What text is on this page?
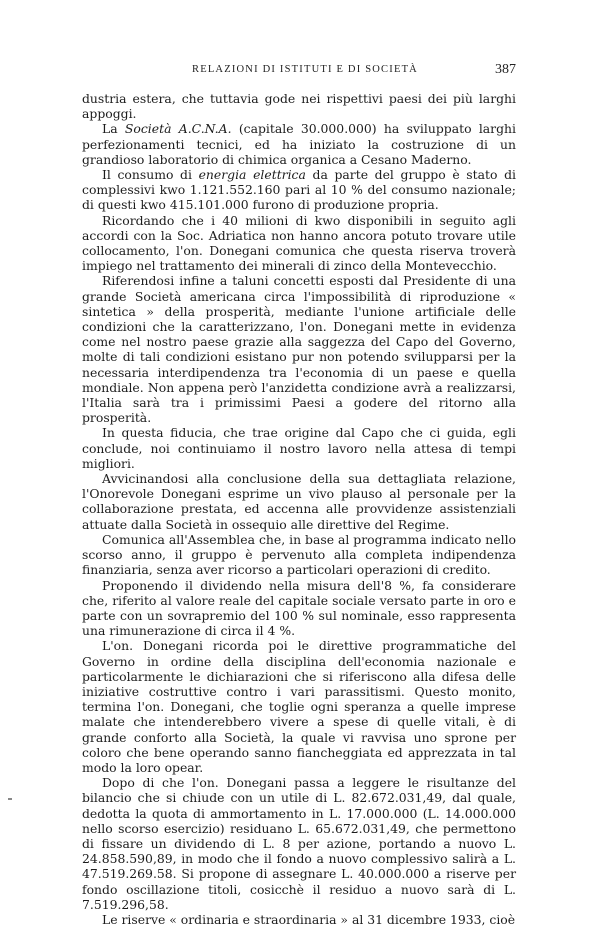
RELAZIONI DI ISTITUTI E DI SOCIETÀ	387

dustria estera, che tuttavia gode nei rispettivi paesi dei più larghi appoggi.

La Società A.C.N.A. (capitale 30.000.000) ha sviluppato larghi perfezionamenti tecnici, ed ha iniziato la costruzione di un grandioso laboratorio di chimica organica a Cesano Maderno.

Il consumo di energia elettrica da parte del gruppo è stato di complessivi kwo 1.121.552.160 pari al 10 % del consumo nazionale; di questi kwo 415.101.000 furono di produzione propria.

Ricordando che i 40 milioni di kwo disponibili in seguito agli accordi con la Soc. Adriatica non hanno ancora potuto trovare utile collocamento, l'on. Donegani comunica che questa riserva troverà impiego nel trattamento dei minerali di zinco della Montevecchio.

Riferendosi infine a taluni concetti esposti dal Presidente di una grande Società americana circa l'impossibilità di riproduzione « sintetica » della prosperità, mediante l'unione artificiale delle condizioni che la caratterizzano, l'on. Donegani mette in evidenza come nel nostro paese grazie alla saggezza del Capo del Governo, molte di tali condizioni esistano pur non potendo svilupparsi per la necessaria interdipendenza tra l'economia di un paese e quella mondiale. Non appena però l'anzidetta condizione avrà a realizzarsi, l'Italia sarà tra i primissimi Paesi a godere del ritorno alla prosperità.

In questa fiducia, che trae origine dal Capo che ci guida, egli conclude, noi continuiamo il nostro lavoro nella attesa di tempi migliori.

Avvicinandosi alla conclusione della sua dettagliata relazione, l'Onorevole Donegani esprime un vivo plauso al personale per la collaborazione prestata, ed accenna alle provvidenze assistenziali attuate dalla Società in ossequio alle direttive del Regime.

Comunica all'Assemblea che, in base al programma indicato nello scorso anno, il gruppo è pervenuto alla completa indipendenza finanziaria, senza aver ricorso a particolari operazioni di credito.

Proponendo il dividendo nella misura dell'8 %, fa considerare che, riferito al valore reale del capitale sociale versato parte in oro e parte con un sovrapremio del 100 % sul nominale, esso rappresenta una rimunerazione di circa il 4 %.

L'on. Donegani ricorda poi le direttive programmatiche del Governo in ordine della disciplina dell'economia nazionale e particolarmente le dichiarazioni che si riferiscono alla difesa delle iniziative costruttive contro i vari parassitismi. Questo monito, termina l'on. Donegani, che toglie ogni speranza a quelle imprese malate che intenderebbero vivere a spese di quelle vitali, è di grande conforto alla Società, la quale vi ravvisa uno sprone per coloro che bene operando sanno fiancheggiata ed apprezzata in tal modo la loro opear.

Dopo di che l'on. Donegani passa a leggere le risultanze del bilancio che si chiude con un utile di L. 82.672.031,49, dal quale, dedotta la quota di ammortamento in L. 17.000.000 (L. 14.000.000 nello scorso esercizio) residuano L. 65.672.031,49, che permettono di fissare un dividendo di L. 8 per azione, portando a nuovo L. 24.858.590,89, in modo che il fondo a nuovo complessivo salirà a L. 47.519.269.58. Si propone di assegnare L. 40.000.000 a riserve per fondo oscillazione titoli, cosicchè il residuo a nuovo sarà di L. 7.519.296,58.

Le riserve « ordinaria e straordinaria » al 31 dicembre 1933, cioè
